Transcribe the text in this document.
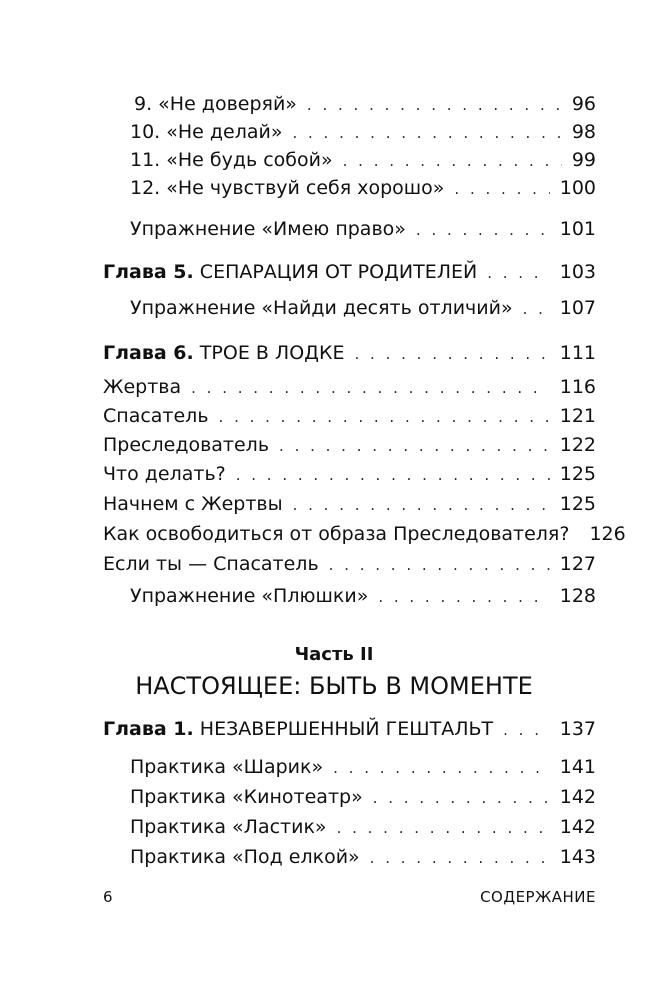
9. «Не доверяй» . . .	96
10. «Не делай» . . .	98
11. «Не будь собой» . . .	99
12. «Не чувствуй себя хорошо» . . .	100
Упражнение «Имею право» . . .	101
Глава 5. СЕПАРАЦИЯ ОТ РОДИТЕЛЕЙ . . .	103
Упражнение «Найди десять отличий» . . . 107
Глава 6. ТРОЕ В ЛОДКЕ . . .	111
Жертва . . .	116
Спасатель . . .	121
Преследователь . . .	122
Что делать? . . .	125
Начнем с Жертвы . . .	125
Как освободиться от образа Преследователя? 126
Если ты — Спасатель . . .	127
Упражнение «Плюшки» . . .	128
Часть II
НАСТОЯЩЕЕ: БЫТЬ В МОМЕНТЕ
Глава 1. НЕЗАВЕРШЕННЫЙ ГЕШТАЛЬТ . . .	137
Практика «Шарик» . . .	141
Практика «Кинотеатр» . . .	142
Практика «Ластик» . . .	142
Практика «Под елкой» . . .	143
6	СОДЕРЖАНИЕ
